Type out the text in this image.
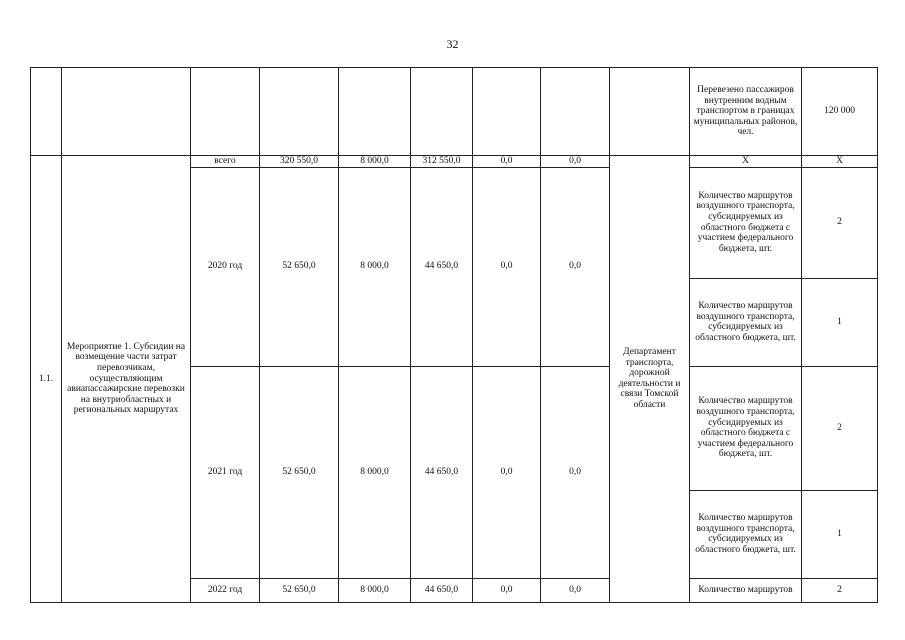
32
									Перевезено пассажиров внутренним водным транспортом в границах муниципальных районов, чел.	120 000
1.1.	Мероприятие 1. Субсидии на возмещение части затрат перевозчикам, осуществляющим авиапассажирские перевозки на внутриобластных и региональных маршрутах	всего	320 550,0	8 000,0	312 550,0	0,0	0,0	Департамент транспорта, дорожной деятельности и связи Томской области	Х	Х
		2020 год	52 650,0	8 000,0	44 650,0	0,0	0,0		Количество маршрутов воздушного транспорта, субсидируемых из областного бюджета с участием федерального бюджета, шт.	2
									Количество маршрутов воздушного транспорта, субсидируемых из областного бюджета, шт.	1
		2021 год	52 650,0	8 000,0	44 650,0	0,0	0,0		Количество маршрутов воздушного транспорта, субсидируемых из областного бюджета с участием федерального бюджета, шт.	2
									Количество маршрутов воздушного транспорта, субсидируемых из областного бюджета, шт.	1
		2022 год	52 650,0	8 000,0	44 650,0	0,0	0,0		Количество маршрутов	2
